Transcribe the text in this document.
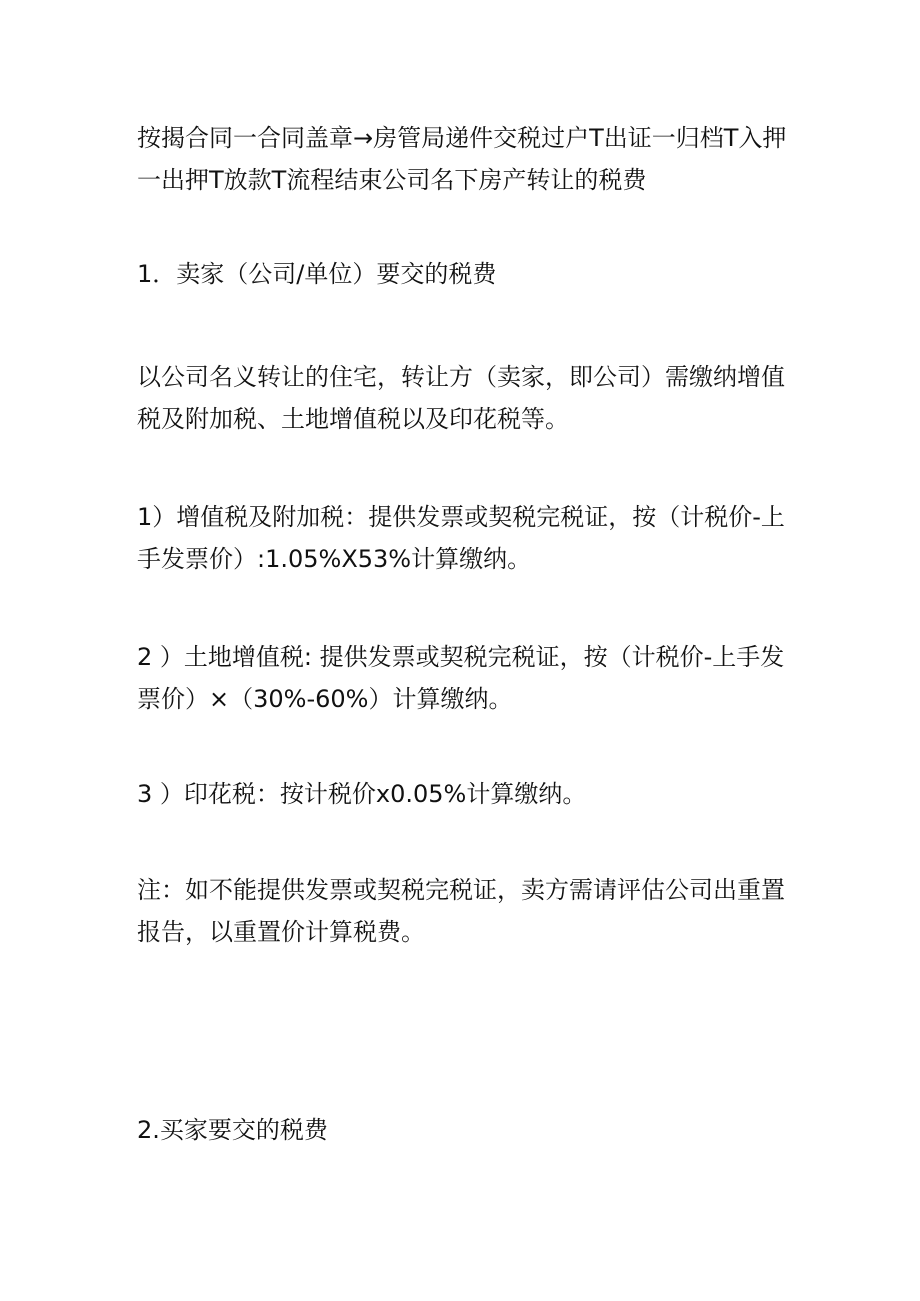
按揭合同一合同盖章→房管局递件交税过户T出证一归档T入押一出押T放款T流程结束公司名下房产转让的税费

1．卖家（公司/单位）要交的税费

以公司名义转让的住宅，转让方（卖家，即公司）需缴纳增值税及附加税、土地增值税以及印花税等。

1）增值税及附加税：提供发票或契税完税证，按（计税价-上手发票价）:1.05%X53%计算缴纳。

2 ）土地增值税: 提供发票或契税完税证，按（计税价-上手发票价）×（30%-60%）计算缴纳。

3 ）印花税：按计税价x0.05%计算缴纳。

注：如不能提供发票或契税完税证，卖方需请评估公司出重置报告，以重置价计算税费。

2.买家要交的税费
